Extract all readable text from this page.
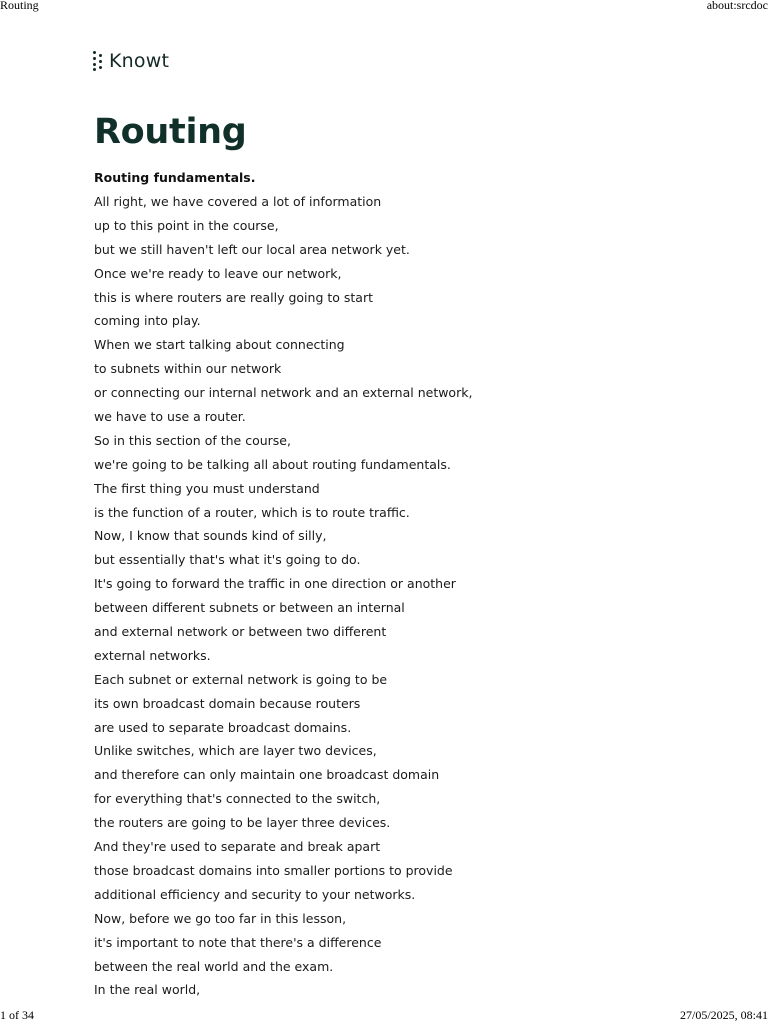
Routing	about:srcdoc
Knowt
Routing

Routing fundamentals.

All right, we have covered a lot of information
up to this point in the course,
but we still haven't left our local area network yet.
Once we're ready to leave our network,
this is where routers are really going to start
coming into play.
When we start talking about connecting
to subnets within our network
or connecting our internal network and an external network,
we have to use a router.
So in this section of the course,
we're going to be talking all about routing fundamentals.
The first thing you must understand
is the function of a router, which is to route traffic.
Now, I know that sounds kind of silly,
but essentially that's what it's going to do.
It's going to forward the traffic in one direction or another
between different subnets or between an internal
and external network or between two different
external networks.
Each subnet or external network is going to be
its own broadcast domain because routers
are used to separate broadcast domains.
Unlike switches, which are layer two devices,
and therefore can only maintain one broadcast domain
for everything that's connected to the switch,
the routers are going to be layer three devices.
And they're used to separate and break apart
those broadcast domains into smaller portions to provide
additional efficiency and security to your networks.
Now, before we go too far in this lesson,
it's important to note that there's a difference
between the real world and the exam.
In the real world,
1 of 34	27/05/2025, 08:41
